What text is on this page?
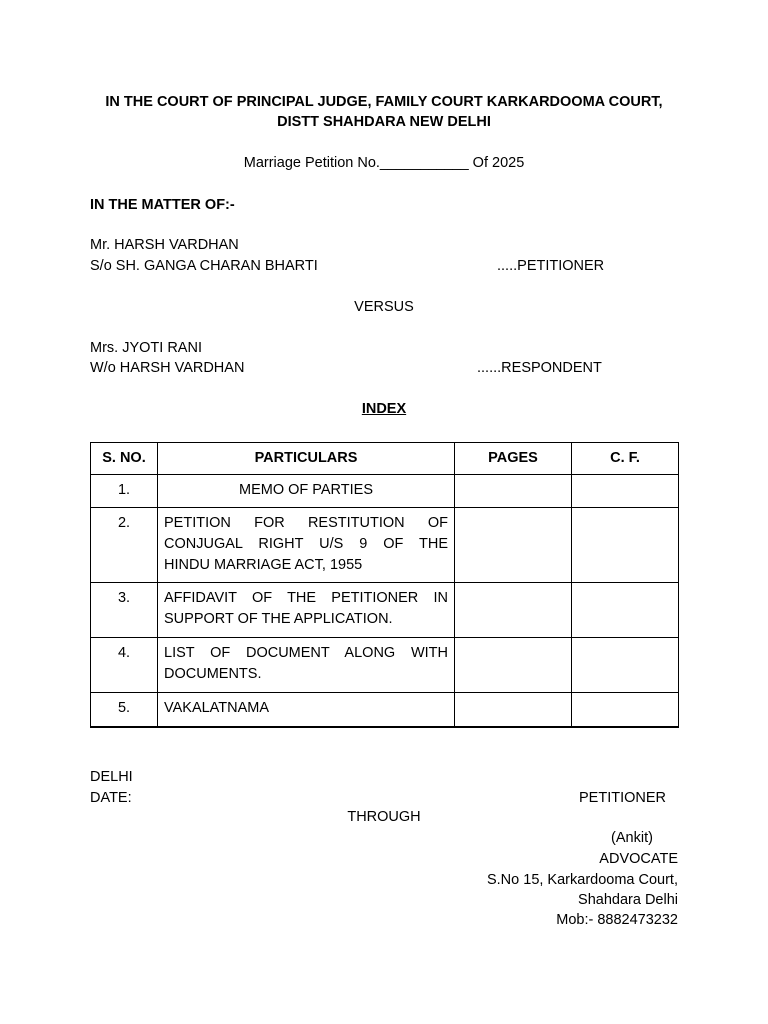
IN THE COURT OF PRINCIPAL JUDGE, FAMILY COURT KARKARDOOMA COURT,
DISTT SHAHDARA NEW DELHI
Marriage Petition No.___________ Of 2025
IN THE MATTER OF:-
Mr. HARSH VARDHAN
S/o SH. GANGA CHARAN BHARTI	.....PETITIONER
VERSUS
Mrs. JYOTI RANI
W/o HARSH VARDHAN	......RESPONDENT
INDEX
S. NO.	PARTICULARS	PAGES	C. F.
1.	MEMO OF PARTIES		
2.	PETITION FOR RESTITUTION OF
CONJUGAL RIGHT U/S 9 OF THE
HINDU MARRIAGE ACT, 1955		

3.	AFFIDAVIT OF THE PETITIONER IN
SUPPORT OF THE APPLICATION.		

4.	LIST OF DOCUMENT ALONG WITH
DOCUMENTS.		

5.	VAKALATNAMA		
DELHI
DATE:	PETITIONER
THROUGH
(Ankit)
ADVOCATE
S.No 15, Karkardooma Court,
Shahdara Delhi
Mob:- 8882473232
